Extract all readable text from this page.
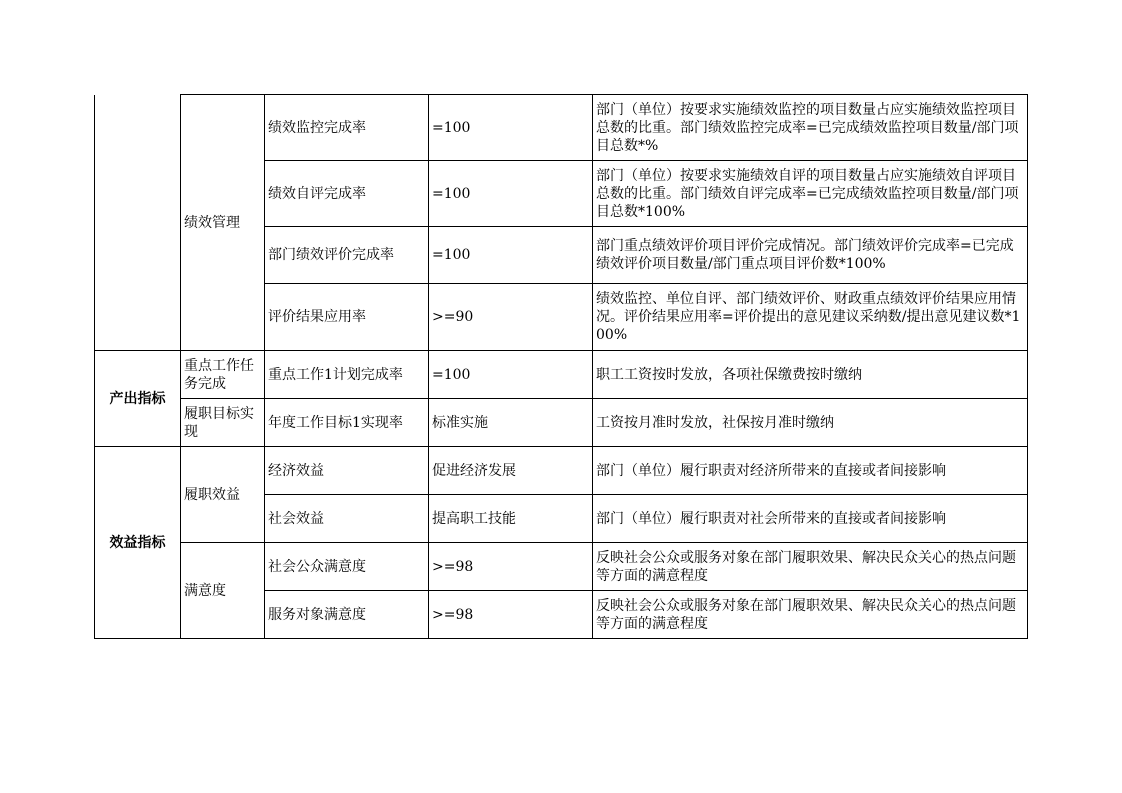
	绩效管理	绩效监控完成率	=100	部门（单位）按要求实施绩效监控的项目数量占应实施绩效监控项目总数的比重。部门绩效监控完成率=已完成绩效监控项目数量/部门项目总数*%
		绩效自评完成率	=100	部门（单位）按要求实施绩效自评的项目数量占应实施绩效自评项目总数的比重。部门绩效自评完成率=已完成绩效监控项目数量/部门项目总数*100%
		部门绩效评价完成率	=100	部门重点绩效评价项目评价完成情况。部门绩效评价完成率=已完成绩效评价项目数量/部门重点项目评价数*100%
		评价结果应用率	>=90	绩效监控、单位自评、部门绩效评价、财政重点绩效评价结果应用情况。评价结果应用率=评价提出的意见建议采纳数/提出意见建议数*100%
产出指标	重点工作任务完成	重点工作1计划完成率	=100	职工工资按时发放，各项社保缴费按时缴纳
	履职目标实现	年度工作目标1实现率	标准实施	工资按月准时发放，社保按月准时缴纳
效益指标	履职效益	经济效益	促进经济发展	部门（单位）履行职责对经济所带来的直接或者间接影响
		社会效益	提高职工技能	部门（单位）履行职责对社会所带来的直接或者间接影响
	满意度	社会公众满意度	>=98	反映社会公众或服务对象在部门履职效果、解决民众关心的热点问题等方面的满意程度
		服务对象满意度	>=98	反映社会公众或服务对象在部门履职效果、解决民众关心的热点问题等方面的满意程度
